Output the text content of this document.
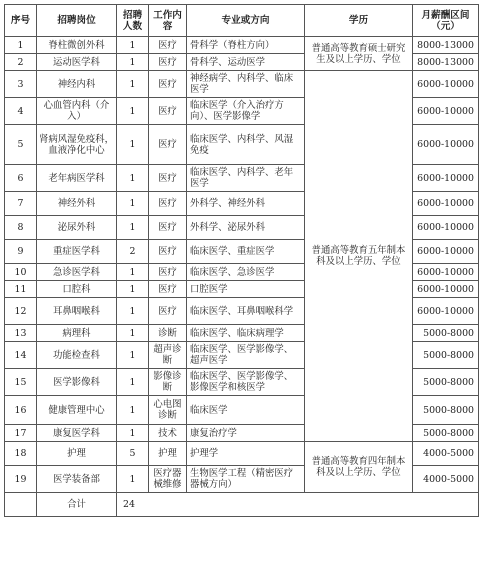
序号	招聘岗位	招聘人数	工作内容	专业或方向	学历	月薪酬区间（元）
1	脊柱微创外科	1	医疗	骨科学（脊柱方向）	普通高等教育硕士研究生及以上学历、学位	8000-13000
2	运动医学科	1	医疗	骨科学、运动医学		8000-13000
3	神经内科	1	医疗	神经病学、内科学、临床医学	普通高等教育五年制本科及以上学历、学位	6000-10000
4	心血管内科（介入）	1	医疗	临床医学（介入治疗方向）、医学影像学		6000-10000
5	肾病风湿免疫科，血液净化中心	1	医疗	临床医学、内科学、风湿免疫		6000-10000
6	老年病医学科	1	医疗	临床医学、内科学、老年医学		6000-10000
7	神经外科	1	医疗	外科学、神经外科		6000-10000
8	泌尿外科	1	医疗	外科学、泌尿外科		6000-10000
9	重症医学科	2	医疗	临床医学、重症医学		6000-10000
10	急诊医学科	1	医疗	临床医学、急诊医学		6000-10000
11	口腔科	1	医疗	口腔医学		6000-10000
12	耳鼻咽喉科	1	医疗	临床医学、耳鼻咽喉科学		6000-10000
13	病理科	1	诊断	临床医学、临床病理学		5000-8000
14	功能检查科	1	超声诊断	临床医学、医学影像学、超声医学		5000-8000
15	医学影像科	1	影像诊断	临床医学、医学影像学、影像医学和核医学		5000-8000
16	健康管理中心	1	心电图诊断	临床医学		5000-8000
17	康复医学科	1	技术	康复治疗学		5000-8000
18	护理	5	护理	护理学	普通高等教育四年制本科及以上学历、学位	4000-5000
19	医学装备部	1	医疗器械维修	生物医学工程（精密医疗器械方向）		4000-5000
	合计	24				
